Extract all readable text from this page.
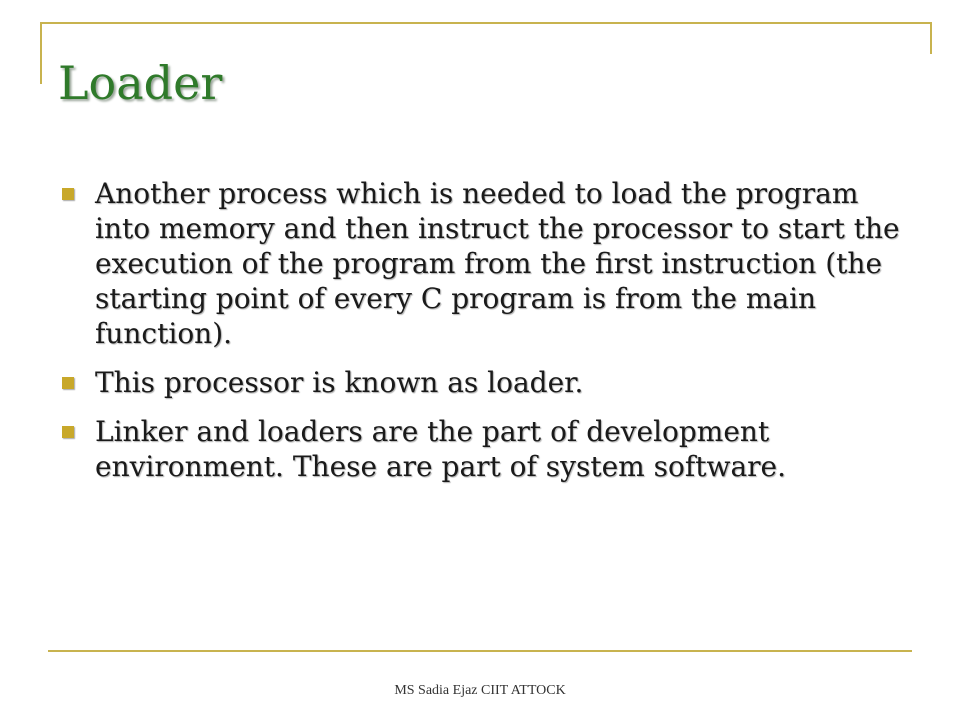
Loader
Another process which is needed to load the program into memory and then instruct the processor to start the execution of the program from the first instruction (the starting point of every C program is from the main function).
This processor is known as loader.
Linker and loaders are the part of development environment. These are part of system software.
MS Sadia Ejaz CIIT ATTOCK
